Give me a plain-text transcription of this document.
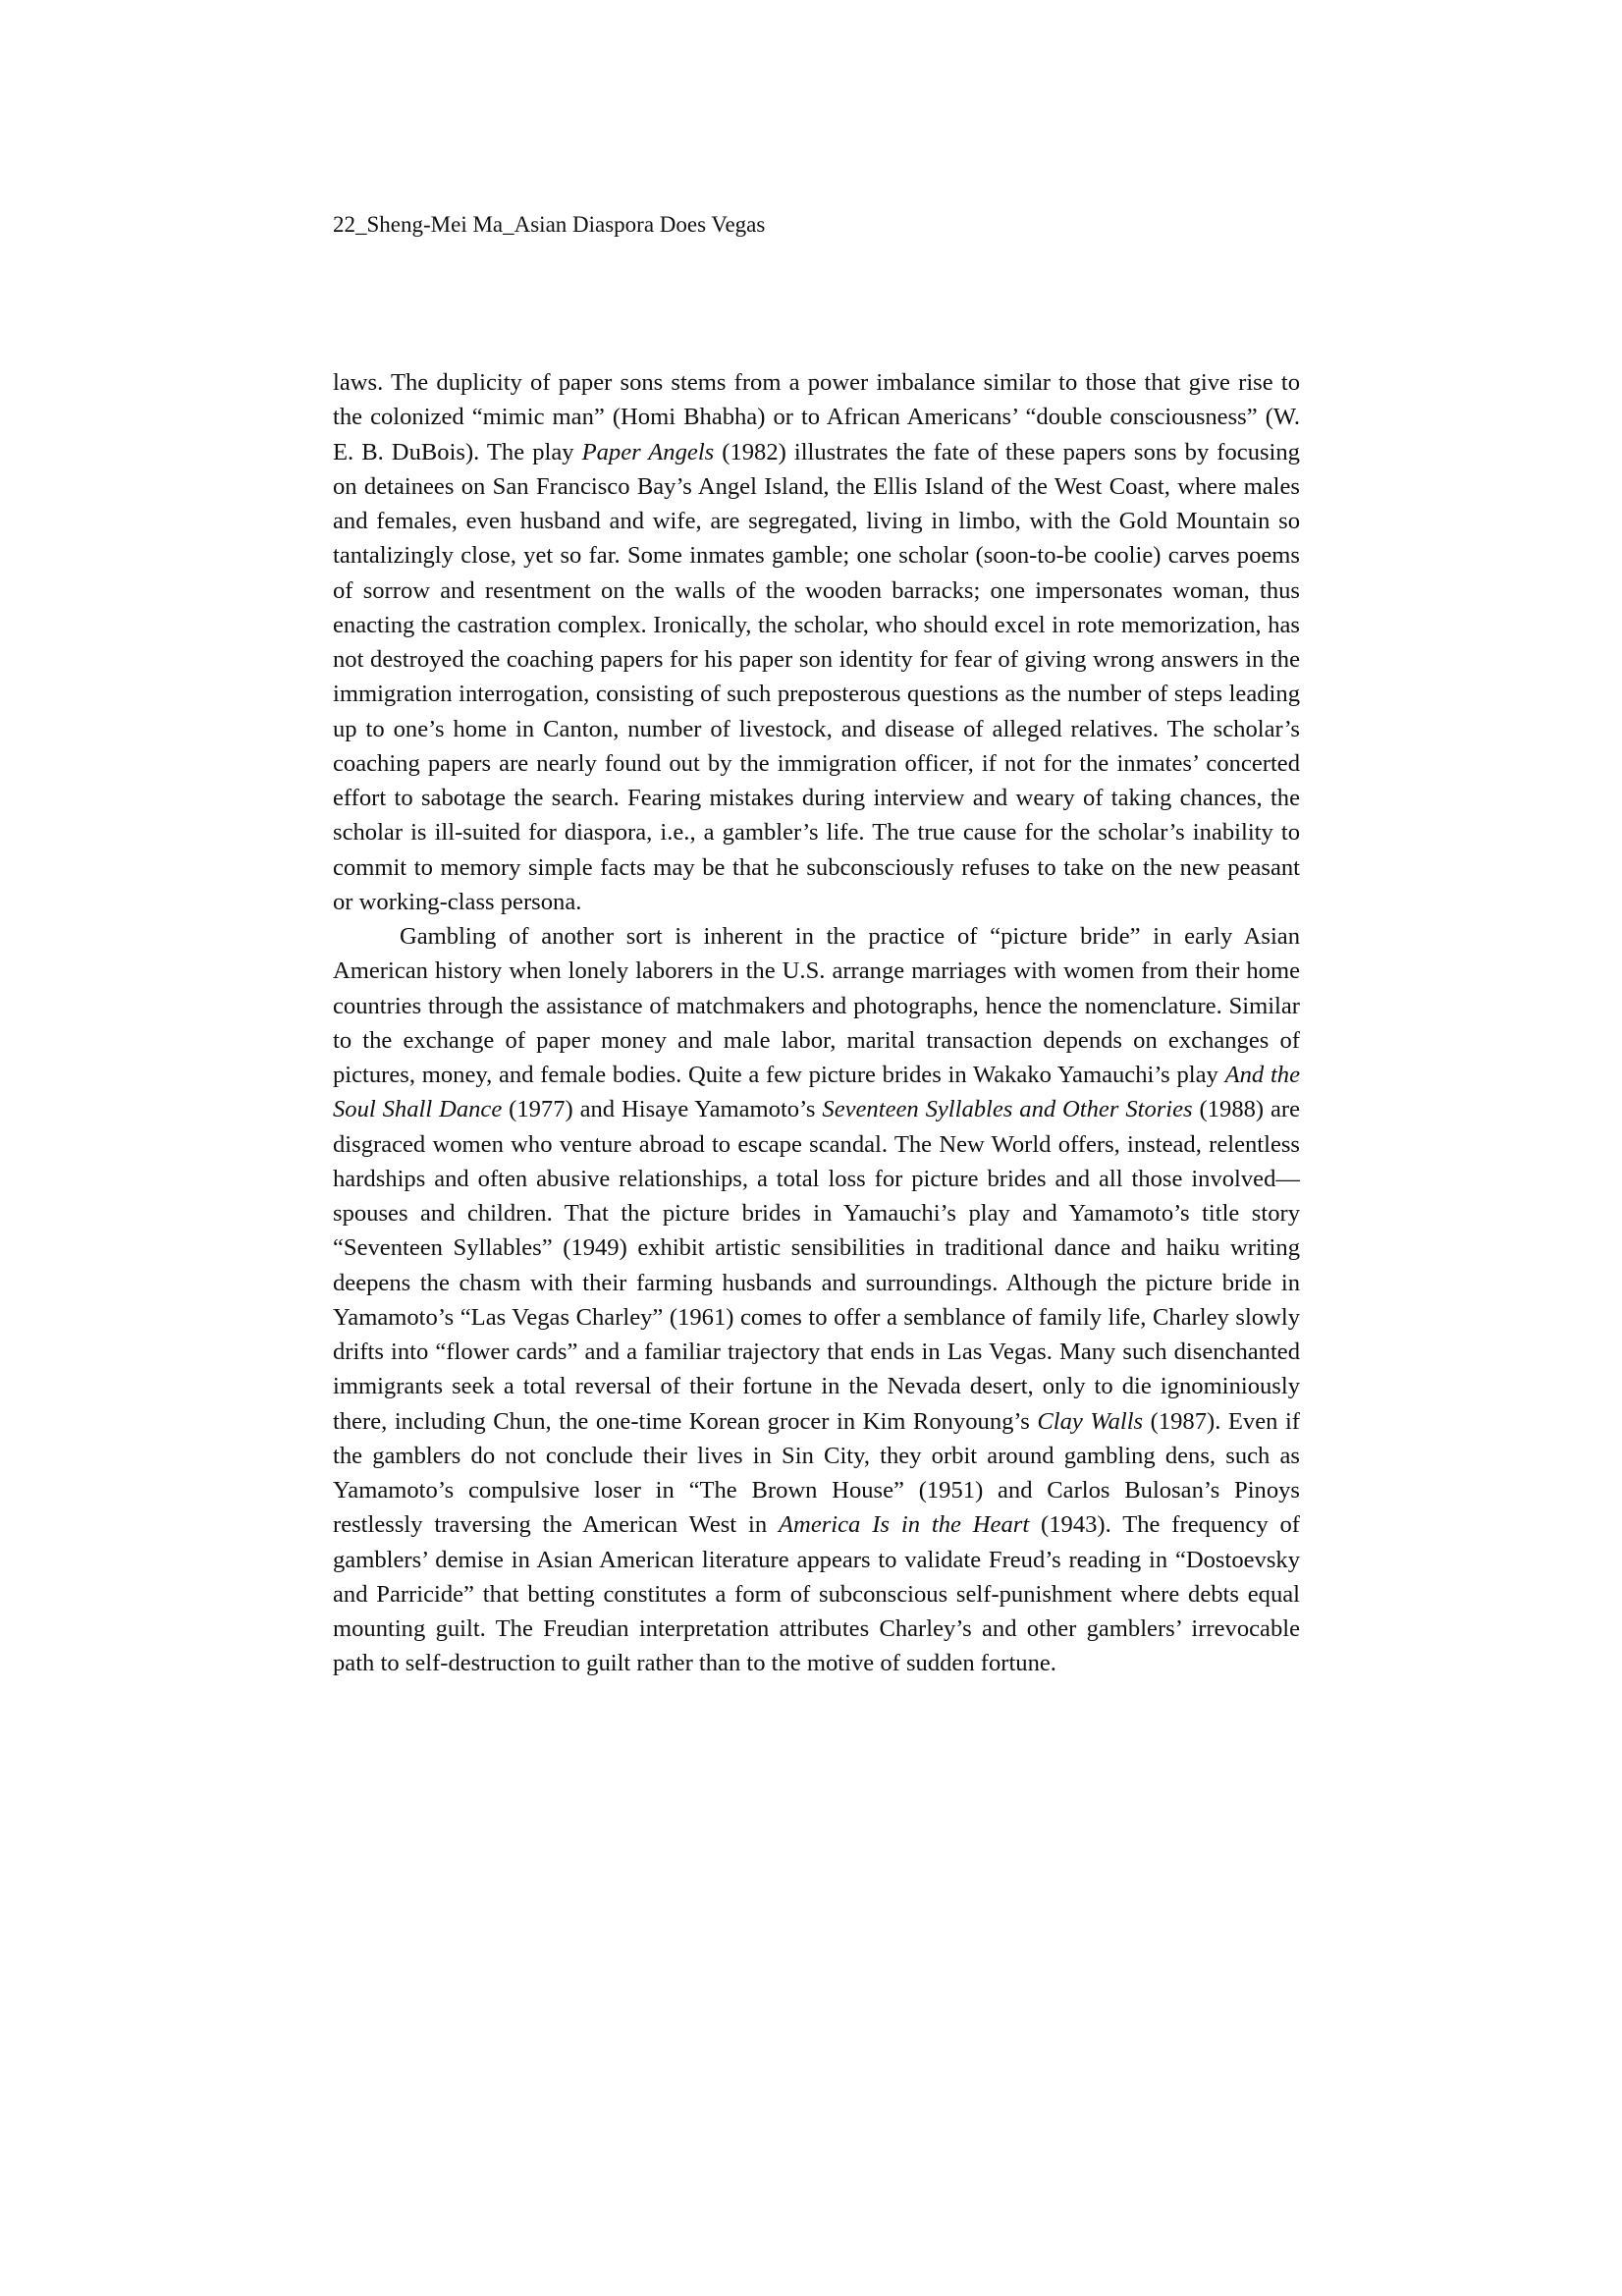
22_Sheng-Mei Ma_Asian Diaspora Does Vegas

laws. The duplicity of paper sons stems from a power imbalance similar to those that give rise to the colonized “mimic man” (Homi Bhabha) or to African Americans’ “double consciousness” (W. E. B. DuBois). The play Paper Angels (1982) illustrates the fate of these papers sons by focusing on detainees on San Francisco Bay’s Angel Island, the Ellis Island of the West Coast, where males and females, even husband and wife, are segregated, living in limbo, with the Gold Mountain so tantalizingly close, yet so far. Some inmates gamble; one scholar (soon-to-be coolie) carves poems of sorrow and resentment on the walls of the wooden barracks; one impersonates woman, thus enacting the castration complex. Ironically, the scholar, who should excel in rote memorization, has not destroyed the coaching papers for his paper son identity for fear of giving wrong answers in the immigration interrogation, consisting of such preposterous questions as the number of steps leading up to one’s home in Canton, number of livestock, and disease of alleged relatives. The scholar’s coaching papers are nearly found out by the immigration officer, if not for the inmates’ concerted effort to sabotage the search. Fearing mistakes during interview and weary of taking chances, the scholar is ill-suited for diaspora, i.e., a gambler’s life. The true cause for the scholar’s inability to commit to memory simple facts may be that he subconsciously refuses to take on the new peasant or working-class persona.

Gambling of another sort is inherent in the practice of “picture bride” in early Asian American history when lonely laborers in the U.S. arrange marriages with women from their home countries through the assistance of matchmakers and photographs, hence the nomenclature. Similar to the exchange of paper money and male labor, marital transaction depends on exchanges of pictures, money, and female bodies. Quite a few picture brides in Wakako Yamauchi’s play And the Soul Shall Dance (1977) and Hisaye Yamamoto’s Seventeen Syllables and Other Stories (1988) are disgraced women who venture abroad to escape scandal. The New World offers, instead, relentless hardships and often abusive relationships, a total loss for picture brides and all those involved—spouses and children. That the picture brides in Yamauchi’s play and Yamamoto’s title story “Seventeen Syllables” (1949) exhibit artistic sensibilities in traditional dance and haiku writing deepens the chasm with their farming husbands and surroundings. Although the picture bride in Yamamoto’s “Las Vegas Charley” (1961) comes to offer a semblance of family life, Charley slowly drifts into “flower cards” and a familiar trajectory that ends in Las Vegas. Many such disenchanted immigrants seek a total reversal of their fortune in the Nevada desert, only to die ignominiously there, including Chun, the one-time Korean grocer in Kim Ronyoung’s Clay Walls (1987). Even if the gamblers do not conclude their lives in Sin City, they orbit around gambling dens, such as Yamamoto’s compulsive loser in “The Brown House” (1951) and Carlos Bulosan’s Pinoys restlessly traversing the American West in America Is in the Heart (1943). The frequency of gamblers’ demise in Asian American literature appears to validate Freud’s reading in “Dostoevsky and Parricide” that betting constitutes a form of subconscious self-punishment where debts equal mounting guilt. The Freudian interpretation attributes Charley’s and other gamblers’ irrevocable path to self-destruction to guilt rather than to the motive of sudden fortune.
